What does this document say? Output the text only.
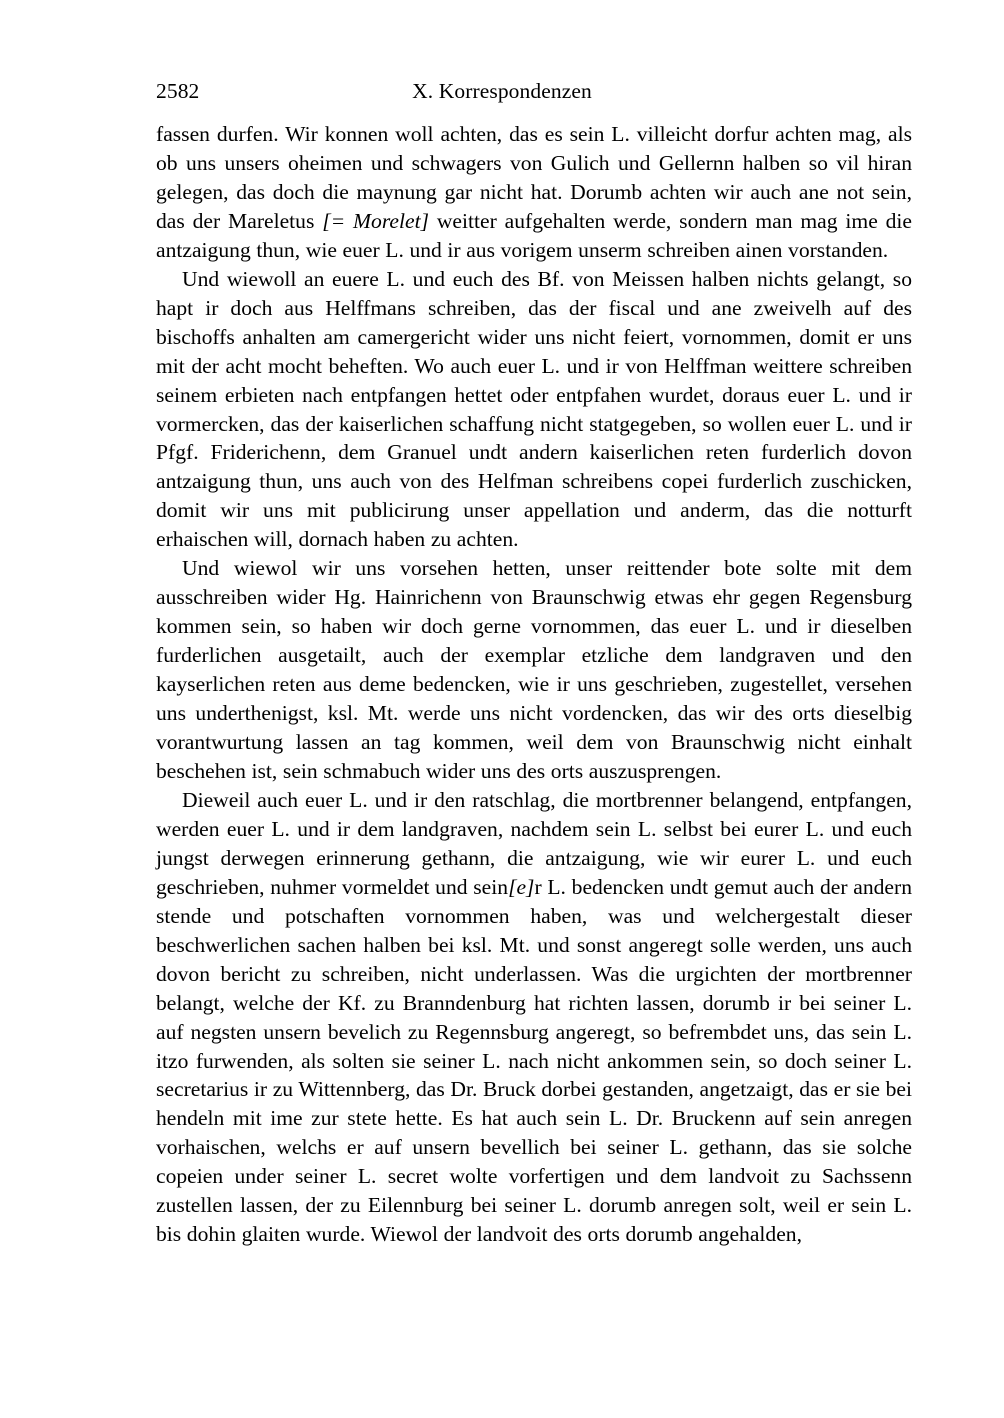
2582	X. Korrespondenzen

fassen durfen. Wir konnen woll achten, das es sein L. villeicht dorfur achten mag, als ob uns unsers oheimen und schwagers von Gulich und Gellernn halben so vil hiran gelegen, das doch die maynung gar nicht hat. Dorumb achten wir auch ane not sein, das der Mareletus [= Morelet] weitter aufgehalten werde, sondern man mag ime die antzaigung thun, wie euer L. und ir aus vorigem unserm schreiben ainen vorstanden.

Und wiewoll an euere L. und euch des Bf. von Meissen halben nichts gelangt, so hapt ir doch aus Helffmans schreiben, das der fiscal und ane zweivelh auf des bischoffs anhalten am camergericht wider uns nicht feiert, vornommen, domit er uns mit der acht mocht beheften. Wo auch euer L. und ir von Helffman weittere schreiben seinem erbieten nach entpfangen hettet oder entpfahen wurdet, doraus euer L. und ir vormercken, das der kaiserlichen schaffung nicht statgegeben, so wollen euer L. und ir Pfgf. Friderichenn, dem Granuel undt andern kaiserlichen reten furderlich dovon antzaigung thun, uns auch von des Helfman schreibens copei furderlich zuschicken, domit wir uns mit publicirung unser appellation und anderm, das die notturft erhaischen will, dornach haben zu achten.

Und wiewol wir uns vorsehen hetten, unser reittender bote solte mit dem ausschreiben wider Hg. Hainrichenn von Braunschwig etwas ehr gegen Regensburg kommen sein, so haben wir doch gerne vornommen, das euer L. und ir dieselben furderlichen ausgetailt, auch der exemplar etzliche dem landgraven und den kayserlichen reten aus deme bedencken, wie ir uns geschrieben, zugestellet, versehen uns underthenigst, ksl. Mt. werde uns nicht vordencken, das wir des orts dieselbig vorantwurtung lassen an tag kommen, weil dem von Braunschwig nicht einhalt beschehen ist, sein schmabuch wider uns des orts auszusprengen.

Dieweil auch euer L. und ir den ratschlag, die mortbrenner belangend, entpfangen, werden euer L. und ir dem landgraven, nachdem sein L. selbst bei eurer L. und euch jungst derwegen erinnerung gethann, die antzaigung, wie wir eurer L. und euch geschrieben, nuhmer vormeldet und sein[e]r L. bedencken undt gemut auch der andern stende und potschaften vornommen haben, was und welchergestalt dieser beschwerlichen sachen halben bei ksl. Mt. und sonst angeregt solle werden, uns auch dovon bericht zu schreiben, nicht underlassen. Was die urgichten der mortbrenner belangt, welche der Kf. zu Branndenburg hat richten lassen, dorumb ir bei seiner L. auf negsten unsern bevelich zu Regennsburg angeregt, so befrembdet uns, das sein L. itzo furwenden, als solten sie seiner L. nach nicht ankommen sein, so doch seiner L. secretarius ir zu Wittennberg, das Dr. Bruck dorbei gestanden, angetzaigt, das er sie bei hendeln mit ime zur stete hette. Es hat auch sein L. Dr. Bruckenn auf sein anregen vorhaischen, welchs er auf unsern bevellich bei seiner L. gethann, das sie solche copeien under seiner L. secret wolte vorfertigen und dem landvoit zu Sachssenn zustellen lassen, der zu Eilennburg bei seiner L. dorumb anregen solt, weil er sein L. bis dohin glaiten wurde. Wiewol der landvoit des orts dorumb angehalden,
